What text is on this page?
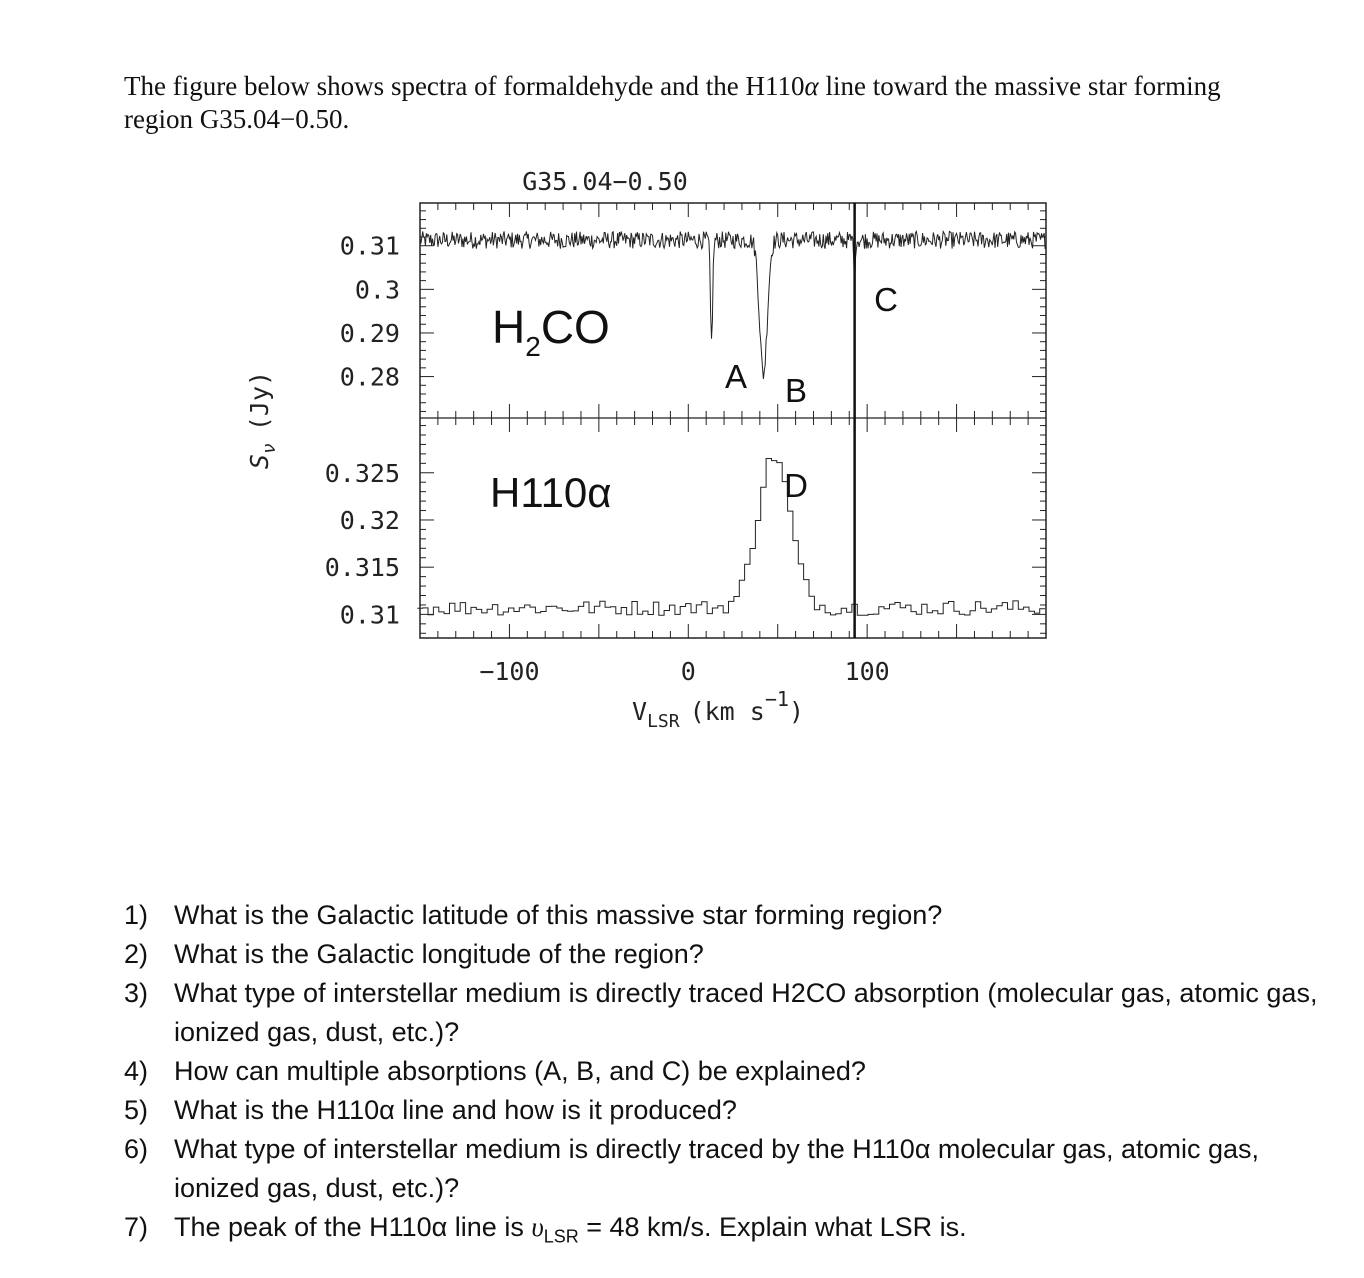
The figure below shows spectra of formaldehyde and the H110α line toward the massive star forming region G35.04−0.50.

G35.04−0.50
0.31
0.3
0.29
0.28
0.325
0.32
0.315
0.31
−100	0	100
$H_2CO$
H110α
A B
C
D
$V_{LSR}$ (km $s^{-1}$)
$S_\nu(Jy)$
1) What is the Galactic latitude of this massive star forming region?
2) What is the Galactic longitude of the region?
3) What type of interstellar medium is directly traced H2CO absorption (molecular gas, atomic gas, ionized gas, dust, etc.)?
4) How can multiple absorptions (A, B, and C) be explained?
5) What is the H110α line and how is it produced?
6) What type of interstellar medium is directly traced by the H110α molecular gas, atomic gas, ionized gas, dust, etc.)?
7) The peak of the H110α line is $\upsilon_{LSR} = 48$ km/s. Explain what LSR is.
